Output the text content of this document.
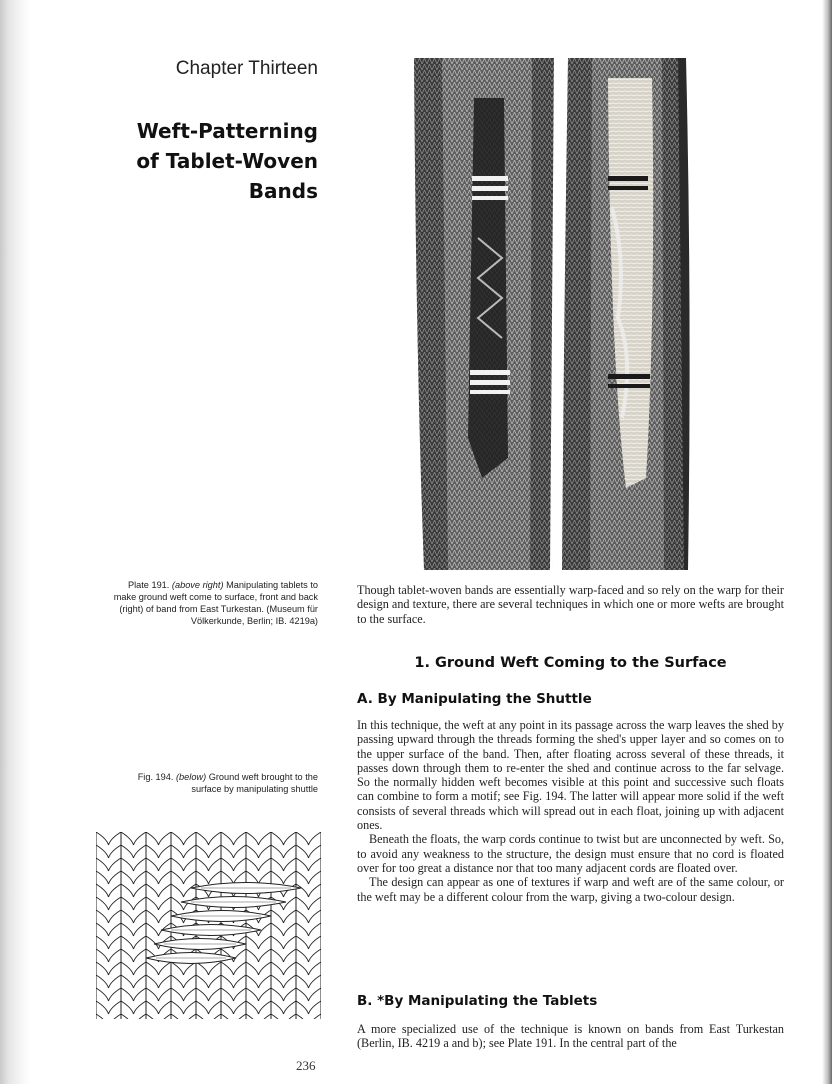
Chapter Thirteen
Weft-Patterning
of Tablet-Woven
Bands
Plate 191. (above right) Manipulating tablets to make ground weft come to surface, front and back (right) of band from East Turkestan. (Museum für Völkerkunde, Berlin; IB. 4219a)
Fig. 194. (below) Ground weft brought to the surface by manipulating shuttle

Though tablet-woven bands are essentially warp-faced and so rely on the warp for their design and texture, there are several techniques in which one or more wefts are brought to the surface.

1. Ground Weft Coming to the Surface
A. By Manipulating the Shuttle

In this technique, the weft at any point in its passage across the warp leaves the shed by passing upward through the threads forming the shed's upper layer and so comes on to the upper surface of the band. Then, after floating across several of these threads, it passes down through them to re-enter the shed and continue across to the far selvage. So the normally hidden weft becomes visible at this point and successive such floats can combine to form a motif; see Fig. 194. The latter will appear more solid if the weft consists of several threads which will spread out in each float, joining up with adjacent ones.

Beneath the floats, the warp cords continue to twist but are unconnected by weft. So, to avoid any weakness to the structure, the design must ensure that no cord is floated over for too great a distance nor that too many adjacent cords are floated over.

The design can appear as one of textures if warp and weft are of the same colour, or the weft may be a different colour from the warp, giving a two-colour design.

B. *By Manipulating the Tablets

A more specialized use of the technique is known on bands from East Turkestan (Berlin, IB. 4219 a and b); see Plate 191. In the central part of the

236
